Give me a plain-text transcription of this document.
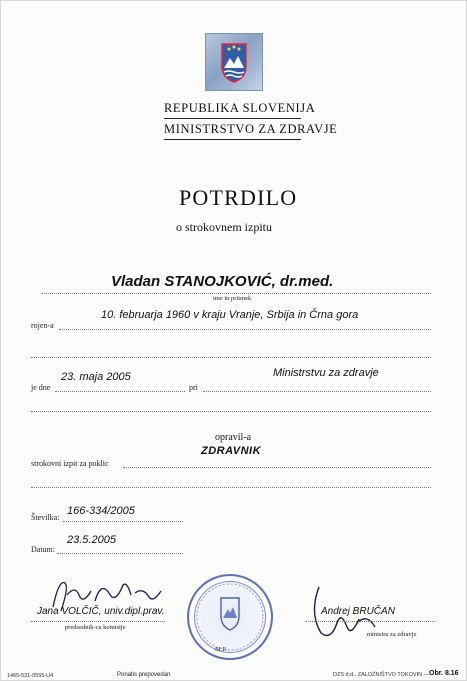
REPUBLIKA SLOVENIJA
MINISTRSTVO ZA ZDRAVJE
POTRDILO
o strokovnem izpitu
Vladan STANOJKOVIĆ, dr.med.
ime in priimek
10. februarja 1960 v kraju Vranje, Srbija in Črna gora
rojen-a
23. maja 2005	Ministrstvu za zdravje
je dne	pri
opravil-a
ZDRAVNIK
strokovni izpit za poklic
166-334/2005
Številka:
23.5.2005
Datum:
Jana VOLČIČ, univ.dipl.prav.
predsednik-ca komisije
M.P.
Andrej BRUČAN
ministra za zdravje
1465-531-0555-U4	Ponatis prepovedan	DZS d.d., ZALOŽNIŠTVO TOKOVIN — Obr. 8.16
